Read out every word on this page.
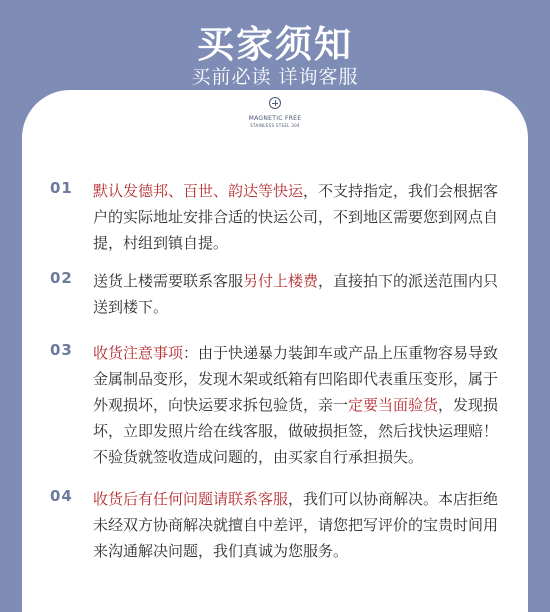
买家须知
买前必读 详询客服
MAGNETIC FREE
STAINLESS STEEL 304
01 默认发德邦、百世、韵达等快运，不支持指定，我们会根据客户的实际地址安排合适的快运公司，不到地区需要您到网点自提，村组到镇自提。
02 送货上楼需要联系客服另付上楼费，直接拍下的派送范围内只送到楼下。
03 收货注意事项：由于快递暴力装卸车或产品上压重物容易导致金属制品变形，发现木架或纸箱有凹陷即代表重压变形，属于外观损坏，向快运要求拆包验货，亲一定要当面验货，发现损坏，立即发照片给在线客服，做破损拒签，然后找快运理赔！不验货就签收造成问题的，由买家自行承担损失。
04 收货后有任何问题请联系客服，我们可以协商解决。本店拒绝未经双方协商解决就擅自中差评，请您把写评价的宝贵时间用来沟通解决问题，我们真诚为您服务。
